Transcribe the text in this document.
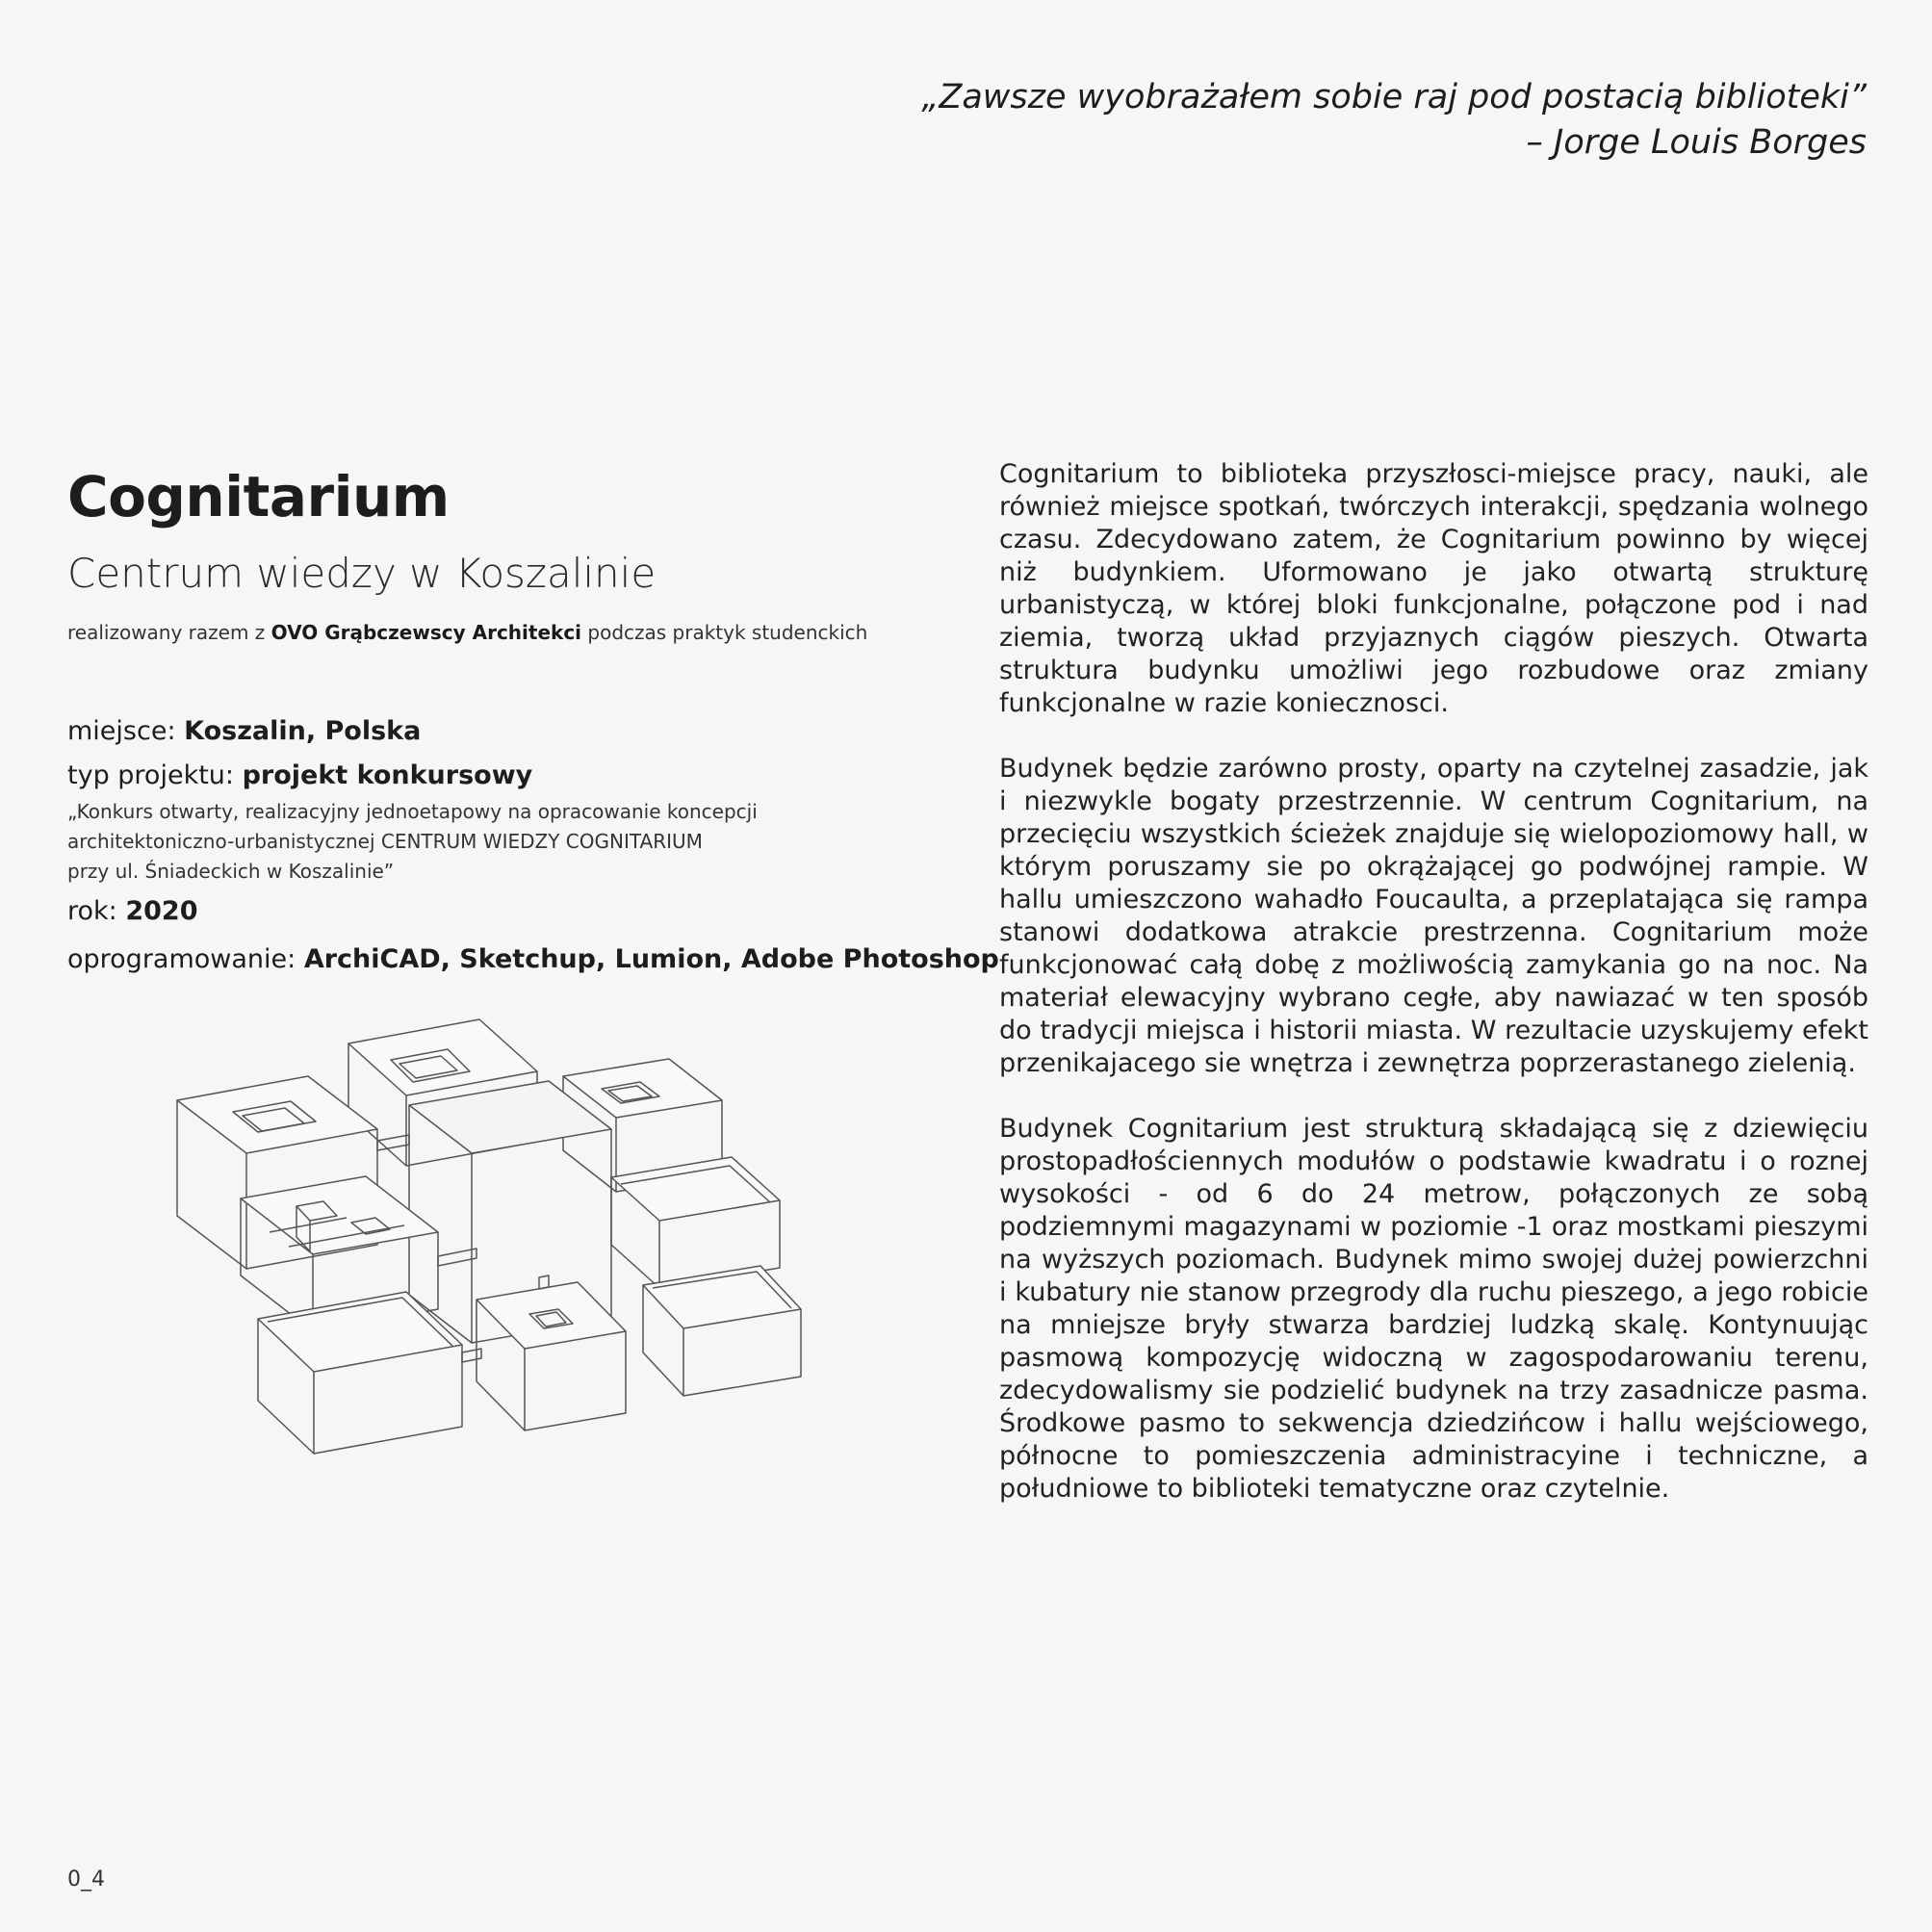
„Zawsze wyobrażałem sobie raj pod postacią biblioteki”
– Jorge Louis Borges
Cognitarium
Centrum wiedzy w Koszalinie
realizowany razem z OVO Grąbczewscy Architekci podczas praktyk studenckich
miejsce: Koszalin, Polska
typ projektu: projekt konkursowy
„Konkurs otwarty, realizacyjny jednoetapowy na opracowanie koncepcji
architektoniczno-urbanistycznej CENTRUM WIEDZY COGNITARIUM
przy ul. Śniadeckich w Koszalinie”
rok: 2020
oprogramowanie: ArchiCAD, Sketchup, Lumion, Adobe Photoshop

Cognitarium to biblioteka przyszłosci-miejsce pracy, nauki, ale również miejsce spotkań, twórczych interakcji, spędzania wolnego czasu. Zdecydowano zatem, że Cognitarium powinno by więcej niż budynkiem. Uformowano je jako otwartą strukturę urbanistyczą, w której bloki funkcjonalne, połączone pod i nad ziemia, tworzą układ przyjaznych ciągów pieszych. Otwarta struktura budynku umożliwi jego rozbudowe oraz zmiany funkcjonalne w razie koniecznosci.

Budynek będzie zarówno prosty, oparty na czytelnej zasadzie, jak i niezwykle bogaty przestrzennie. W centrum Cognitarium, na przecięciu wszystkich ścieżek znajduje się wielopoziomowy hall, w którym poruszamy sie po okrążającej go podwójnej rampie. W hallu umieszczono wahadło Foucaulta, a przeplatająca się rampa stanowi dodatkowa atrakcie prestrzenna. Cognitarium może funkcjonować całą dobę z możliwością zamykania go na noc. Na materiał elewacyjny wybrano cegłe, aby nawiazać w ten sposób do tradycji miejsca i historii miasta. W rezultacie uzyskujemy efekt przenikajacego sie wnętrza i zewnętrza poprzerastanego zielenią.

Budynek Cognitarium jest strukturą składającą się z dziewięciu prostopadłościennych modułów o podstawie kwadratu i o roznej wysokości - od 6 do 24 metrow, połączonych ze sobą podziemnymi magazynami w poziomie -1 oraz mostkami pieszymi na wyższych poziomach. Budynek mimo swojej dużej powierzchni i kubatury nie stanow przegrody dla ruchu pieszego, a jego robicie na mniejsze bryły stwarza bardziej ludzką skalę. Kontynuując pasmową kompozycję widoczną w zagospodarowaniu terenu, zdecydowalismy sie podzielić budynek na trzy zasadnicze pasma. Środkowe pasmo to sekwencja dziedzińcow i hallu wejściowego, północne to pomieszczenia administracyine i techniczne, a południowe to biblioteki tematyczne oraz czytelnie.

0_4
